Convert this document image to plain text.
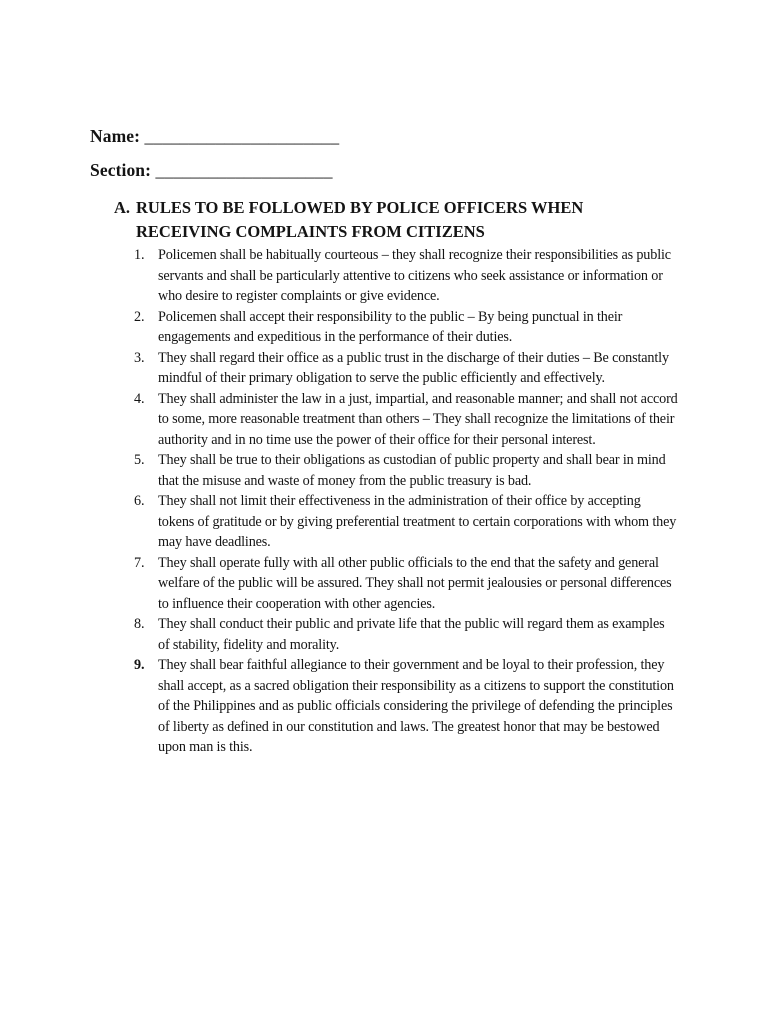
Name: ______________________
Section: ____________________
A. RULES TO BE FOLLOWED BY POLICE OFFICERS WHEN RECEIVING COMPLAINTS FROM CITIZENS
1. Policemen shall be habitually courteous – they shall recognize their responsibilities as public servants and shall be particularly attentive to citizens who seek assistance or information or who desire to register complaints or give evidence.
2. Policemen shall accept their responsibility to the public – By being punctual in their engagements and expeditious in the performance of their duties.
3. They shall regard their office as a public trust in the discharge of their duties – Be constantly mindful of their primary obligation to serve the public efficiently and effectively.
4. They shall administer the law in a just, impartial, and reasonable manner; and shall not accord to some, more reasonable treatment than others – They shall recognize the limitations of their authority and in no time use the power of their office for their personal interest.
5. They shall be true to their obligations as custodian of public property and shall bear in mind that the misuse and waste of money from the public treasury is bad.
6. They shall not limit their effectiveness in the administration of their office by accepting tokens of gratitude or by giving preferential treatment to certain corporations with whom they may have deadlines.
7. They shall operate fully with all other public officials to the end that the safety and general welfare of the public will be assured. They shall not permit jealousies or personal differences to influence their cooperation with other agencies.
8. They shall conduct their public and private life that the public will regard them as examples of stability, fidelity and morality.
9. They shall bear faithful allegiance to their government and be loyal to their profession, they shall accept, as a sacred obligation their responsibility as a citizens to support the constitution of the Philippines and as public officials considering the privilege of defending the principles of liberty as defined in our constitution and laws. The greatest honor that may be bestowed upon man is this.
